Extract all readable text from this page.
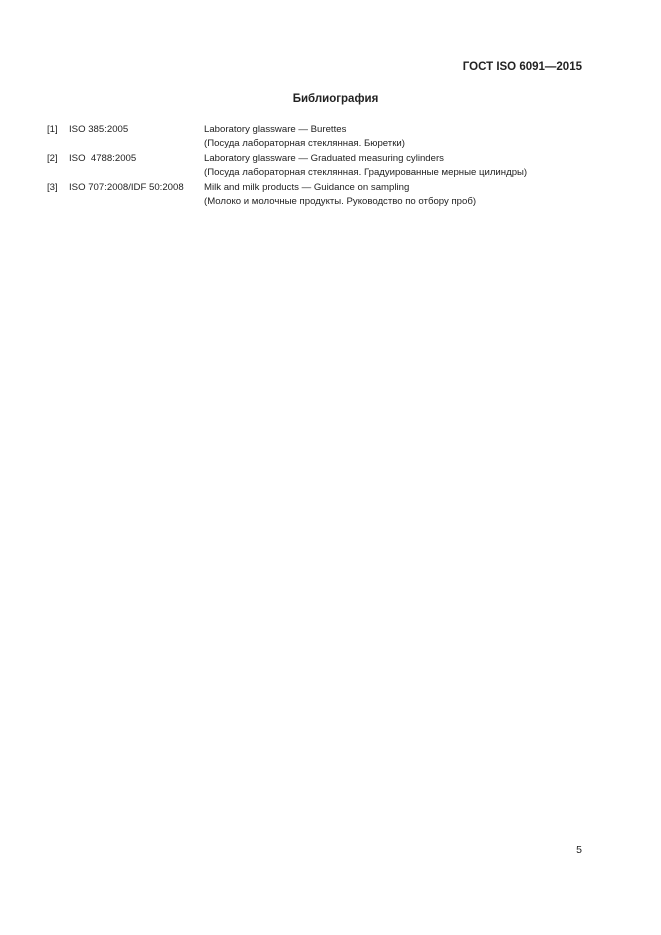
ГОСТ ISO 6091—2015
Библиография
[1] ISO 385:2005	Laboratory glassware — Burettes
(Посуда лабораторная стеклянная. Бюретки)
[2] ISO  4788:2005	Laboratory glassware — Graduated measuring cylinders
(Посуда лабораторная стеклянная. Градуированные мерные цилиндры)
[3] ISO 707:2008/IDF 50:2008 Milk and milk products — Guidance on sampling
(Молоко и молочные продукты. Руководство по отбору проб)
5
